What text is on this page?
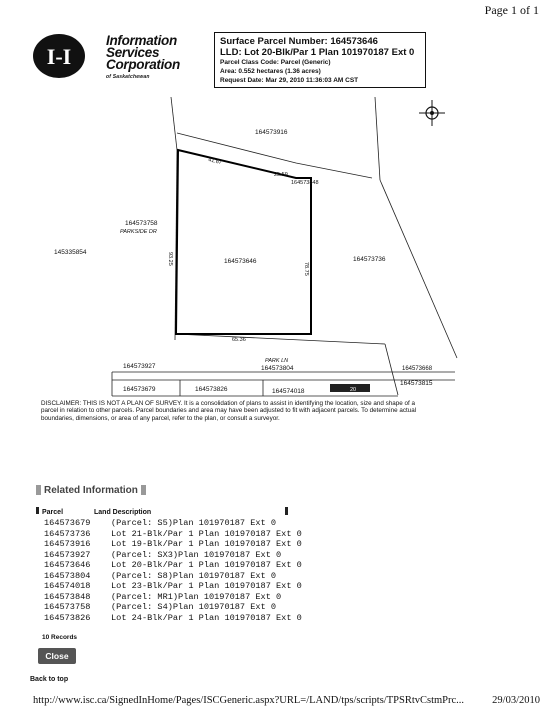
Page 1 of 1
I-I
Information
Services
Corporation
of Saskatchewan
Surface Parcel Number: 164573646
LLD: Lot 20-Blk/Par 1 Plan 101970187 Ext 0
Parcel Class Code: Parcel (Generic)
Area: 0.552 hectares (1.36 acres)
Request Date: Mar 29, 2010 11:36:03 AM CST
164573916
145335854
164573758
PARKSIDE DR
164573646	164573736
41.67
25.59
164573848
93.25
78.75
65.36
PARK LN
164573804
164573927
164573679	164573826	164574018	20
164573668
164573815
DISCLAIMER: THIS IS NOT A PLAN OF SURVEY. It is a consolidation of plans to assist in identifying the location, size and shape of a parcel in relation to other parcels. Parcel boundaries and area may have been adjusted to fit with adjacent parcels. To determine actual boundaries, dimensions, or area of any parcel, refer to the plan, or consult a surveyor.
Related Information
Parcel	Land Description
164573679	(Parcel: S5)Plan 101970187 Ext 0
164573736	Lot 21-Blk/Par 1 Plan 101970187 Ext 0
164573916	Lot 19-Blk/Par 1 Plan 101970187 Ext 0
164573927	(Parcel: SX3)Plan 101970187 Ext 0
164573646	Lot 20-Blk/Par 1 Plan 101970187 Ext 0
164573804	(Parcel: S8)Plan 101970187 Ext 0
164574018	Lot 23-Blk/Par 1 Plan 101970187 Ext 0
164573848	(Parcel: MR1)Plan 101970187 Ext 0
164573758	(Parcel: S4)Plan 101970187 Ext 0
164573826	Lot 24-Blk/Par 1 Plan 101970187 Ext 0
10 Records
Close
Back to top
http://www.isc.ca/SignedInHome/Pages/ISCGeneric.aspx?URL=/LAND/tps/scripts/TPSRtvCstmPrc...	29/03/2010
